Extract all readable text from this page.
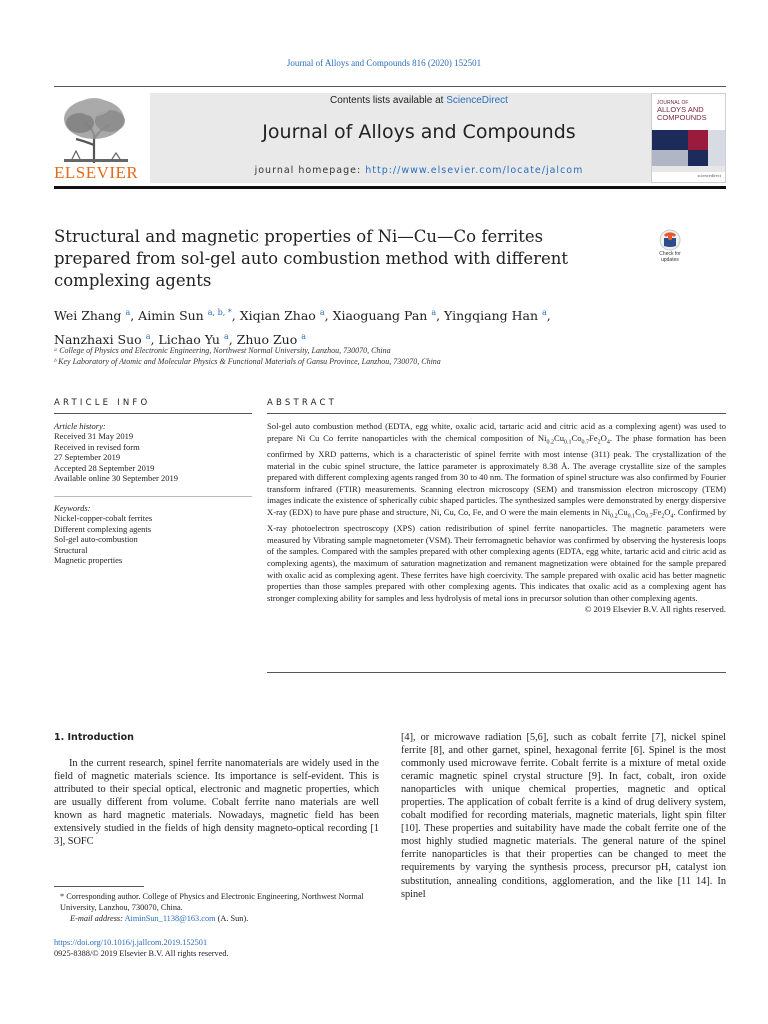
Journal of Alloys and Compounds 816 (2020) 152501
ELSEVIER
Contents lists available at ScienceDirect
Journal of Alloys and Compounds
journal homepage: http://www.elsevier.com/locate/jalcom
JOURNAL OF
ALLOYS AND
COMPOUNDS
sciencedirect
Structural and magnetic properties of Ni—Cu—Co ferrites prepared from sol-gel auto combustion method with different complexing agents
Check for updates
Wei Zhang $^a$, Aimin Sun $^{a, b, *}$, Xiqian Zhao $^a$, Xiaoguang Pan $^a$, Yingqiang Han $^a$,
Nanzhaxi Suo $^a$, Lichao Yu $^a$, Zhuo Zuo $^a$
ᵃ College of Physics and Electronic Engineering, Northwest Normal University, Lanzhou, 730070, China
ᵇ Key Laboratory of Atomic and Molecular Physics & Functional Materials of Gansu Province, Lanzhou, 730070, China
ARTICLE INFO	ABSTRACT
Article history:
Received 31 May 2019
Received in revised form
27 September 2019
Accepted 28 September 2019
Available online 30 September 2019
Keywords:
Nickel-copper-cobalt ferrites
Different complexing agents
Sol-gel auto-combustion
Structural
Magnetic properties
Sol-gel auto combustion method (EDTA, egg white, oxalic acid, tartaric acid and citric acid as a complexing agent) was used to prepare Ni Cu Co ferrite nanoparticles with the chemical composition of $Ni_{0.2}Cu_{0.1}Co_{0.7}Fe_2O_4$. The phase formation has been confirmed by XRD patterns, which is a characteristic of spinel ferrite with most intense (311) peak. The crystallization of the material in the cubic spinel structure, the lattice parameter is approximately 8.38 Å. The average crystallite size of the samples prepared with different complexing agents ranged from 30 to 40 nm. The formation of spinel structure was also confirmed by Fourier transform infrared (FTIR) measurements. Scanning electron microscopy (SEM) and transmission electron microscopy (TEM) images indicate the existence of spherically cubic shaped particles. The synthesized samples were demonstrated by energy dispersive X-ray (EDX) to have pure phase and structure, Ni, Cu, Co, Fe, and O were the main elements in $Ni_{0.2}Cu_{0.1}Co_{0.7}Fe_2O_4$. Confirmed by X-ray photoelectron spectroscopy (XPS) cation redistribution of spinel ferrite nanoparticles. The magnetic parameters were measured by Vibrating sample magnetometer (VSM). Their ferromagnetic behavior was confirmed by observing the hysteresis loops of the samples. Compared with the samples prepared with other complexing agents (EDTA, egg white, tartaric acid and citric acid as complexing agents), the maximum of saturation magnetization and remanent magnetization were obtained for the sample prepared with oxalic acid as complexing agent. These ferrites have high coercivity. The sample prepared with oxalic acid has better magnetic properties than those samples prepared with other complexing agents. This indicates that oxalic acid as a complexing agent has stronger complexing ability for samples and less hydrolysis of metal ions in precursor solution than other complexing agents.
© 2019 Elsevier B.V. All rights reserved.
1. Introduction

In the current research, spinel ferrite nanomaterials are widely used in the field of magnetic materials science. Its importance is self-evident. This is attributed to their special optical, electronic and magnetic properties, which are usually different from volume. Cobalt ferrite nano materials are well known as hard magnetic materials. Nowadays, magnetic field has been extensively studied in the fields of high density magneto-optical recording [1 3], SOFC

[4], or microwave radiation [5,6], such as cobalt ferrite [7], nickel spinel ferrite [8], and other garnet, spinel, hexagonal ferrite [6]. Spinel is the most commonly used microwave ferrite. Cobalt ferrite is a mixture of metal oxide ceramic magnetic spinel crystal structure [9]. In fact, cobalt, iron oxide nanoparticles with unique chemical properties, magnetic and optical properties. The application of cobalt ferrite is a kind of drug delivery system, cobalt modified for recording materials, magnetic materials, light spin filter [10]. These properties and suitability have made the cobalt ferrite one of the most highly studied magnetic materials. The general nature of the spinel ferrite nanoparticles is that their properties can be changed to meet the requirements by varying the synthesis process, precursor pH, catalyst ion substitution, annealing conditions, agglomeration, and the like [11 14]. In spinel

* Corresponding author. College of Physics and Electronic Engineering, Northwest Normal University, Lanzhou, 730070, China.
E-mail address: AiminSun_1138@163.com (A. Sun).
https://doi.org/10.1016/j.jallcom.2019.152501
0925-8388/© 2019 Elsevier B.V. All rights reserved.
